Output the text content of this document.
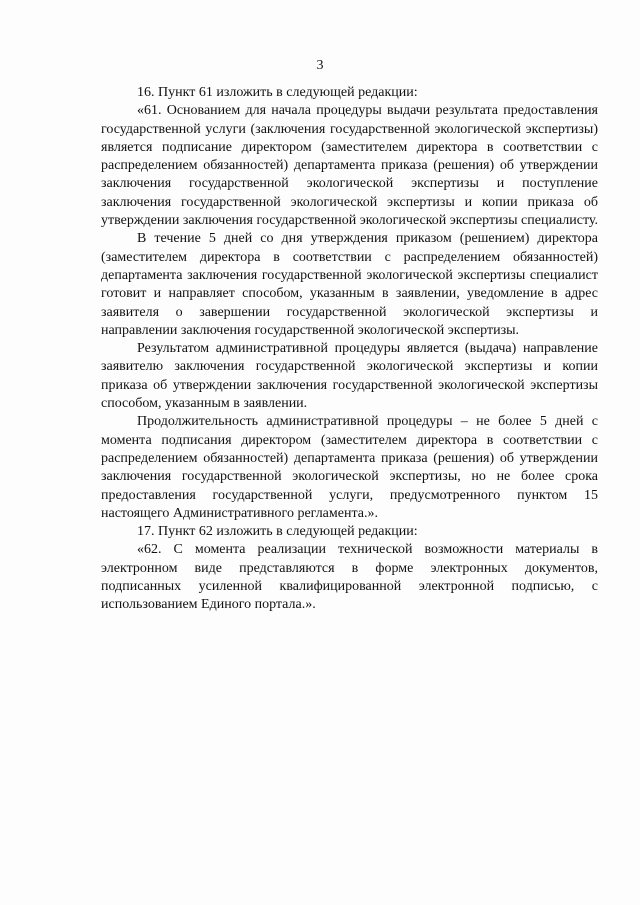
3

16. Пункт 61 изложить в следующей редакции:

«61. Основанием для начала процедуры выдачи результата предоставления государственной услуги (заключения государственной экологической экспертизы) является подписание директором (заместителем директора в соответствии с распределением обязанностей) департамента приказа (решения) об утверждении заключения государственной экологической экспертизы и поступление заключения государственной экологической экспертизы и копии приказа об утверждении заключения государственной экологической экспертизы специалисту.

В течение 5 дней со дня утверждения приказом (решением) директора (заместителем директора в соответствии с распределением обязанностей) департамента заключения государственной экологической экспертизы специалист готовит и направляет способом, указанным в заявлении, уведомление в адрес заявителя о завершении государственной экологической экспертизы и направлении заключения государственной экологической экспертизы.

Результатом административной процедуры является (выдача) направление заявителю заключения государственной экологической экспертизы и копии приказа об утверждении заключения государственной экологической экспертизы способом, указанным в заявлении.

Продолжительность административной процедуры – не более 5 дней с момента подписания директором (заместителем директора в соответствии с распределением обязанностей) департамента приказа (решения) об утверждении заключения государственной экологической экспертизы, но не более срока предоставления государственной услуги, предусмотренного пунктом 15 настоящего Административного регламента.».

17. Пункт 62 изложить в следующей редакции:

«62. С момента реализации технической возможности материалы в электронном виде представляются в форме электронных документов, подписанных усиленной квалифицированной электронной подписью, с использованием Единого портала.».
